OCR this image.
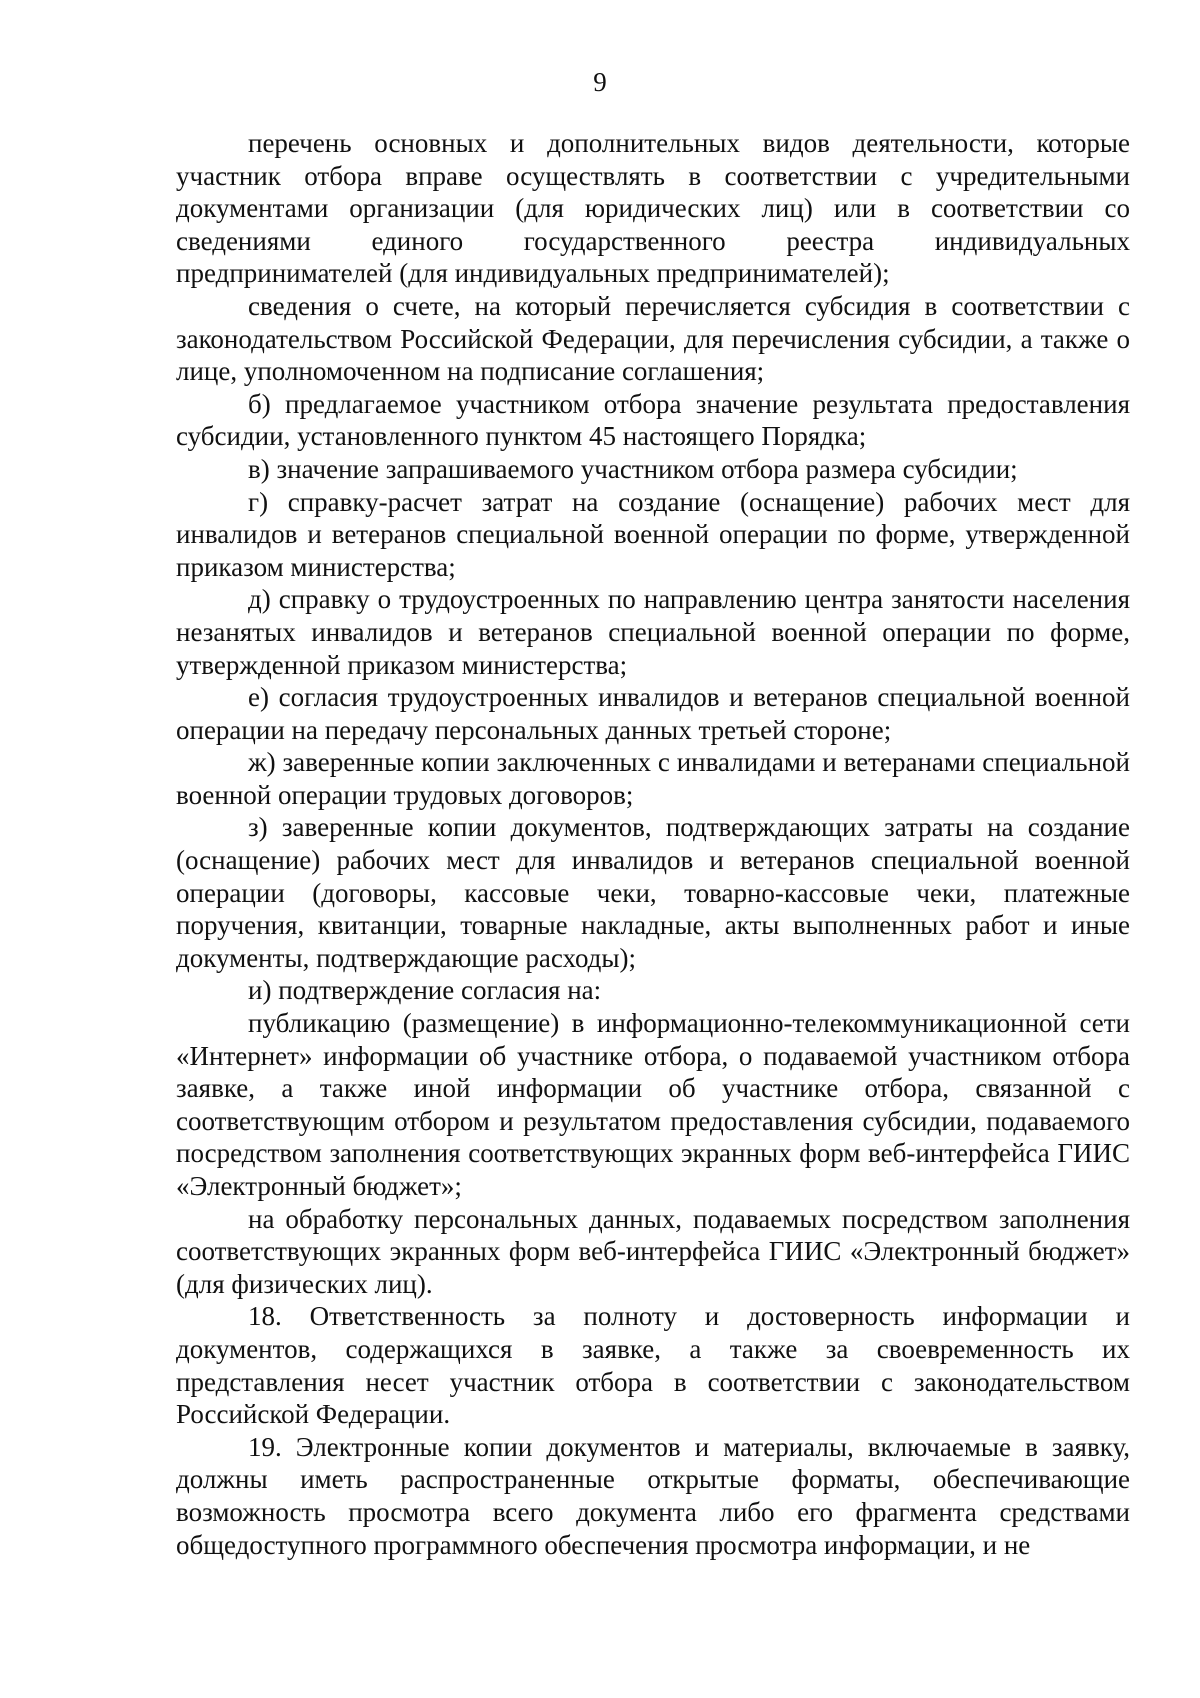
9

перечень основных и дополнительных видов деятельности, которые участник отбора вправе осуществлять в соответствии с учредительными документами организации (для юридических лиц) или в соответствии со сведениями единого государственного реестра индивидуальных предпринимателей (для индивидуальных предпринимателей);

сведения о счете, на который перечисляется субсидия в соответствии с законодательством Российской Федерации, для перечисления субсидии, а также о лице, уполномоченном на подписание соглашения;

б) предлагаемое участником отбора значение результата предоставления субсидии, установленного пунктом 45 настоящего Порядка;

в) значение запрашиваемого участником отбора размера субсидии;

г) справку-расчет затрат на создание (оснащение) рабочих мест для инвалидов и ветеранов специальной военной операции по форме, утвержденной приказом министерства;

д) справку о трудоустроенных по направлению центра занятости населения незанятых инвалидов и ветеранов специальной военной операции по форме, утвержденной приказом министерства;

е) согласия трудоустроенных инвалидов и ветеранов специальной военной операции на передачу персональных данных третьей стороне;

ж) заверенные копии заключенных с инвалидами и ветеранами специальной военной операции трудовых договоров;

з) заверенные копии документов, подтверждающих затраты на создание (оснащение) рабочих мест для инвалидов и ветеранов специальной военной операции (договоры, кассовые чеки, товарно-кассовые чеки, платежные поручения, квитанции, товарные накладные, акты выполненных работ и иные документы, подтверждающие расходы);

и) подтверждение согласия на:

публикацию (размещение) в информационно-телекоммуникационной сети «Интернет» информации об участнике отбора, о подаваемой участником отбора заявке, а также иной информации об участнике отбора, связанной с соответствующим отбором и результатом предоставления субсидии, подаваемого посредством заполнения соответствующих экранных форм веб-интерфейса ГИИС «Электронный бюджет»;

на обработку персональных данных, подаваемых посредством заполнения соответствующих экранных форм веб-интерфейса ГИИС «Электронный бюджет» (для физических лиц).

18. Ответственность за полноту и достоверность информации и документов, содержащихся в заявке, а также за своевременность их представления несет участник отбора в соответствии с законодательством Российской Федерации.

19. Электронные копии документов и материалы, включаемые в заявку, должны иметь распространенные открытые форматы, обеспечивающие возможность просмотра всего документа либо его фрагмента средствами общедоступного программного обеспечения просмотра информации, и не
